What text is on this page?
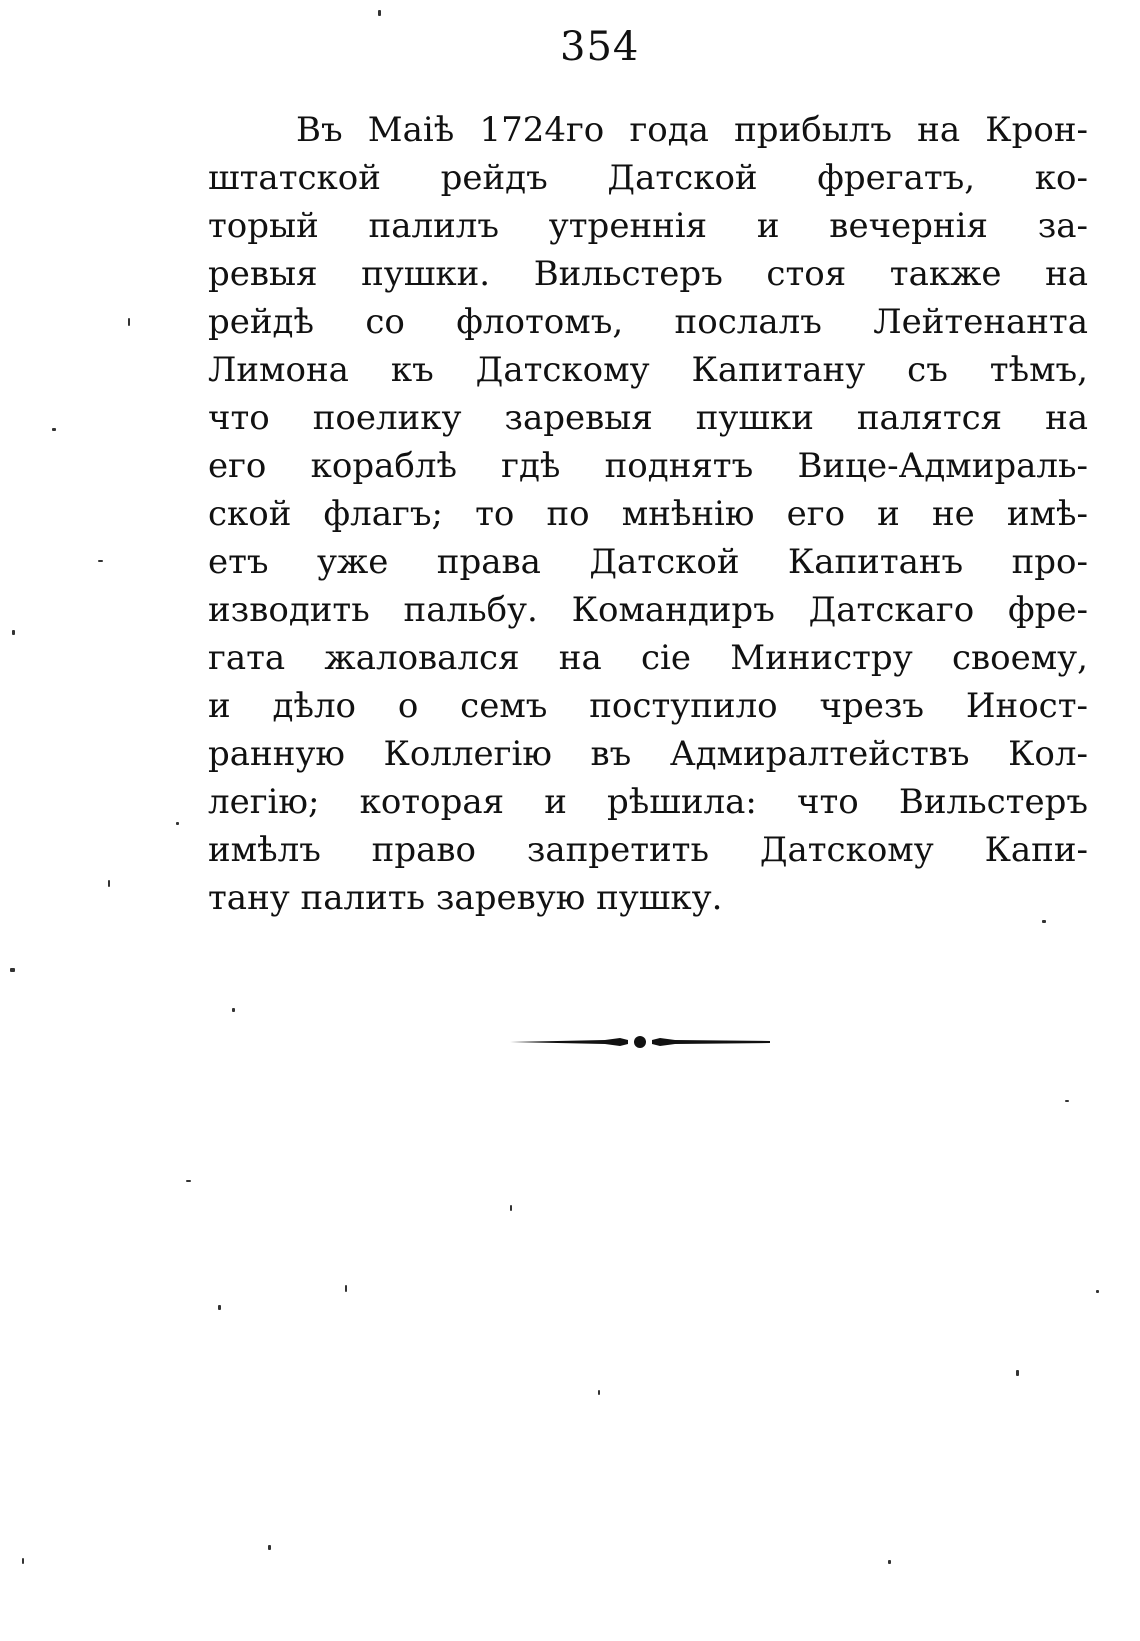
354
Въ Маіѣ 1724го года прибылъ на Крон-
штатской рейдъ Датской фрегатъ, ко-
торый палилъ утреннія и вечернія за-
ревыя пушки. Вильстеръ стоя также на
рейдѣ со флотомъ, послалъ Лейтенанта
Лимона къ Датскому Капитану съ тѣмъ,
что поелику заревыя пушки палятся на
его кораблѣ гдѣ поднятъ Вице-Адмираль-
ской флагъ; то по мнѣнію его и не имѣ-
етъ уже права Датской Капитанъ про-
изводить пальбу. Командиръ Датскаго фре-
гата жаловался на сіе Министру своему,
и дѣло о семъ поступило чрезъ Иност-
ранную Коллегію въ Адмиралтействъ Кол-
легію; которая и рѣшила: что Вильстеръ
имѣлъ право запретить Датскому Капи-
тану палить заревую пушку.
